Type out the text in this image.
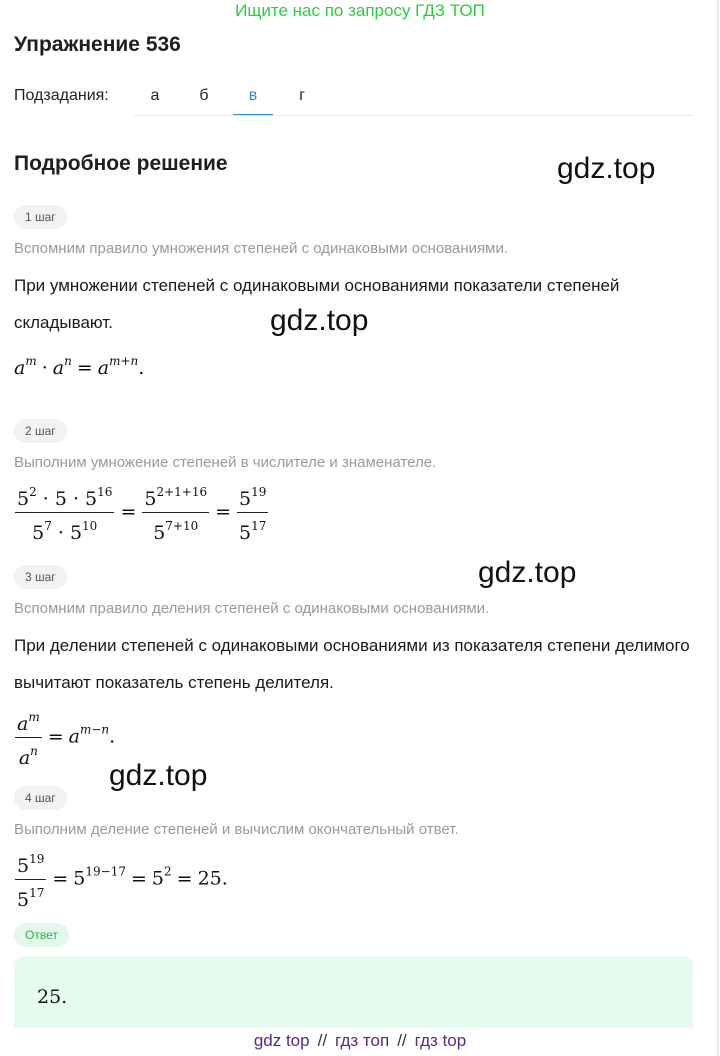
Ищите нас по запросу ГДЗ ТОП
Упражнение 536
Подзадания:	а	б	в	г
Подробное решение	gdz.top
gdz.top
gdz.top
gdz.top
1 шаг
Вспомним правило умножения степеней с одинаковыми основаниями.
При умножении степеней с одинаковыми основаниями показатели степеней складывают.
$a^m \cdot a^n = a^{m+n}$.
2 шаг
Выполним умножение степеней в числителе и знаменателе.
$\frac{5^2 \cdot 5 \cdot 5^{16}}{5^7 \cdot 5^{10}} = \frac{5^{2+1+16}}{5^{7+10}} = \frac{5^{19}}{5^{17}}$
3 шаг
Вспомним правило деления степеней с одинаковыми основаниями.
При делении степеней с одинаковыми основаниями из показателя степени делимого вычитают показатель степень делителя.
$\frac{a^m}{a^n} = a^{m-n}$.
4 шаг
Выполним деление степеней и вычислим окончательный ответ.
$\frac{5^{19}}{5^{17}} = 5^{19-17} = 5^2 = 25$.
Ответ
25.
gdz top // гдз топ // гдз top
